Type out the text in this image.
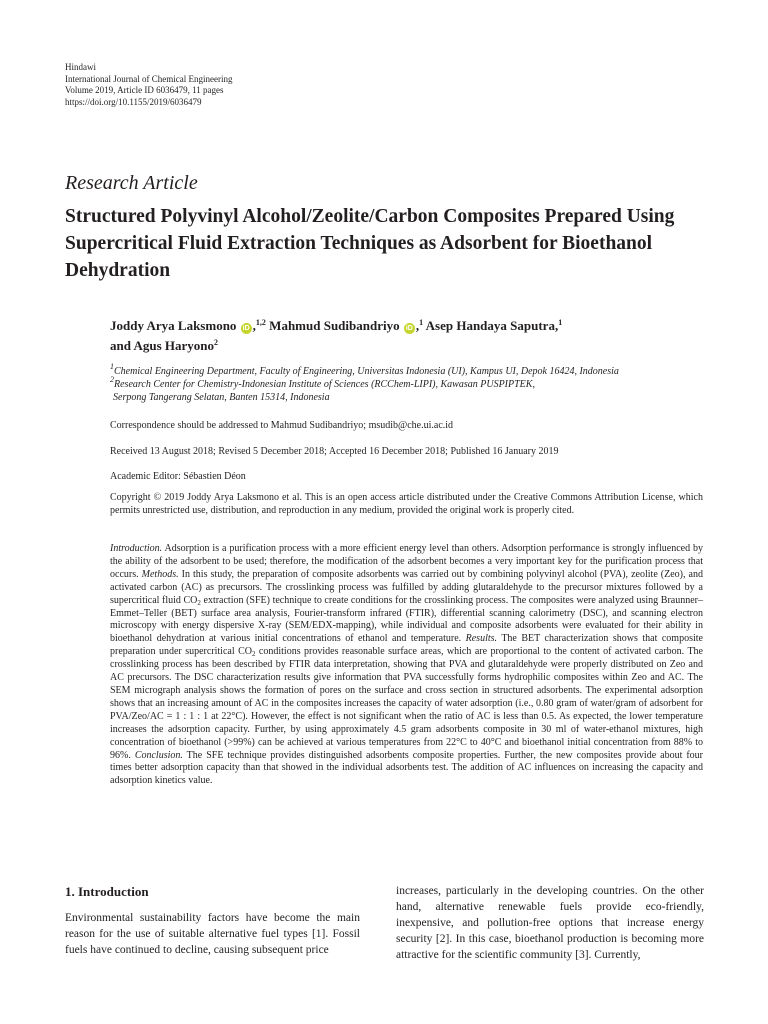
Hindawi
International Journal of Chemical Engineering
Volume 2019, Article ID 6036479, 11 pages
https://doi.org/10.1155/2019/6036479
Research Article
Structured Polyvinyl Alcohol/Zeolite/Carbon Composites Prepared Using Supercritical Fluid Extraction Techniques as Adsorbent for Bioethanol Dehydration
Joddy Arya Laksmono iD ,$^{1,2}$ Mahmud Sudibandriyo iD ,$^1$ Asep Handaya Saputra,$^1$
and Agus Haryono$^2$
$^1$Chemical Engineering Department, Faculty of Engineering, Universitas Indonesia (UI), Kampus UI, Depok 16424, Indonesia
$^2$Research Center for Chemistry-Indonesian Institute of Sciences (RCChem-LIPI), Kawasan PUSPIPTEK,
Serpong Tangerang Selatan, Banten 15314, Indonesia
Correspondence should be addressed to Mahmud Sudibandriyo; msudib@che.ui.ac.id
Received 13 August 2018; Revised 5 December 2018; Accepted 16 December 2018; Published 16 January 2019
Academic Editor: Sébastien Déon
Copyright © 2019 Joddy Arya Laksmono et al. This is an open access article distributed under the Creative Commons Attribution License, which permits unrestricted use, distribution, and reproduction in any medium, provided the original work is properly cited.
Introduction. Adsorption is a purification process with a more efficient energy level than others. Adsorption performance is strongly influenced by the ability of the adsorbent to be used; therefore, the modification of the adsorbent becomes a very important key for the purification process that occurs. Methods. In this study, the preparation of composite adsorbents was carried out by combining polyvinyl alcohol (PVA), zeolite (Zeo), and activated carbon (AC) as precursors. The crosslinking process was fulfilled by adding glutaraldehyde to the precursor mixtures followed by a supercritical fluid $CO_2$ extraction (SFE) technique to create conditions for the crosslinking process. The composites were analyzed using Braunner–Emmet–Teller (BET) surface area analysis, Fourier-transform infrared (FTIR), differential scanning calorimetry (DSC), and scanning electron microscopy with energy dispersive X-ray (SEM/EDX-mapping), while individual and composite adsorbents were evaluated for their ability in bioethanol dehydration at various initial concentrations of ethanol and temperature. Results. The BET characterization shows that composite preparation under supercritical $CO_2$ conditions provides reasonable surface areas, which are proportional to the content of activated carbon. The crosslinking process has been described by FTIR data interpretation, showing that PVA and glutaraldehyde were properly distributed on Zeo and AC precursors. The DSC characterization results give information that PVA successfully forms hydrophilic composites within Zeo and AC. The SEM micrograph analysis shows the formation of pores on the surface and cross section in structured adsorbents. The experimental adsorption shows that an increasing amount of AC in the composites increases the capacity of water adsorption (i.e., 0.80 gram of water/gram of adsorbent for PVA/Zeo/AC = 1 : 1 : 1 at 22°C). However, the effect is not significant when the ratio of AC is less than 0.5. As expected, the lower temperature increases the adsorption capacity. Further, by using approximately 4.5 gram adsorbents composite in 30 ml of water-ethanol mixtures, high concentration of bioethanol (>99%) can be achieved at various temperatures from 22°C to 40°C and bioethanol initial concentration from 88% to 96%. Conclusion. The SFE technique provides distinguished adsorbents composite properties. Further, the new composites provide about four times better adsorption capacity than that showed in the individual adsorbents test. The addition of AC influences on increasing the capacity and adsorption kinetics value.
1. Introduction
Environmental sustainability factors have become the main reason for the use of suitable alternative fuel types [1]. Fossil fuels have continued to decline, causing subsequent price
increases, particularly in the developing countries. On the other hand, alternative renewable fuels provide eco-friendly, inexpensive, and pollution-free options that increase energy security [2]. In this case, bioethanol production is becoming more attractive for the scientific community [3]. Currently,
